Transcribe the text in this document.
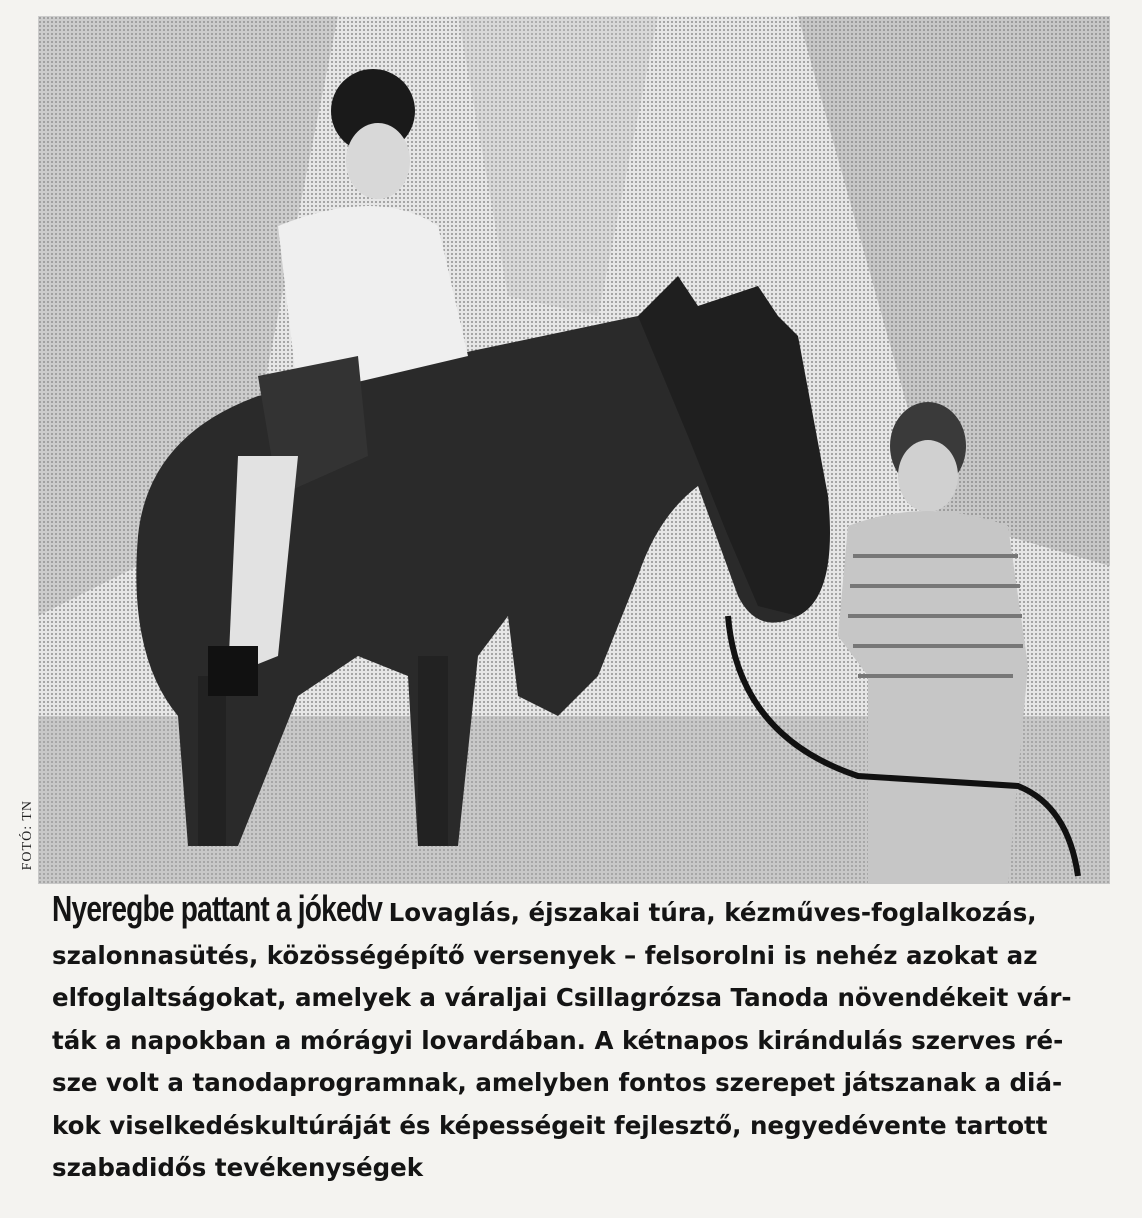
FOTÓ: TN
Nyeregbe pattant a jókedv Lovaglás, éjszakai túra, kézműves-foglalkozás,
szalonnasütés, közösségépítő versenyek – felsorolni is nehéz azokat az
elfoglaltságokat, amelyek a váraljai Csillagrózsa Tanoda növendékeit vár-
ták a napokban a mórágyi lovardában. A kétnapos kirándulás szerves ré-
sze volt a tanodaprogramnak, amelyben fontos szerepet játszanak a diá-
kok viselkedéskultúráját és képességeit fejlesztő, negyedévente tartott
szabadidős tevékenységek
